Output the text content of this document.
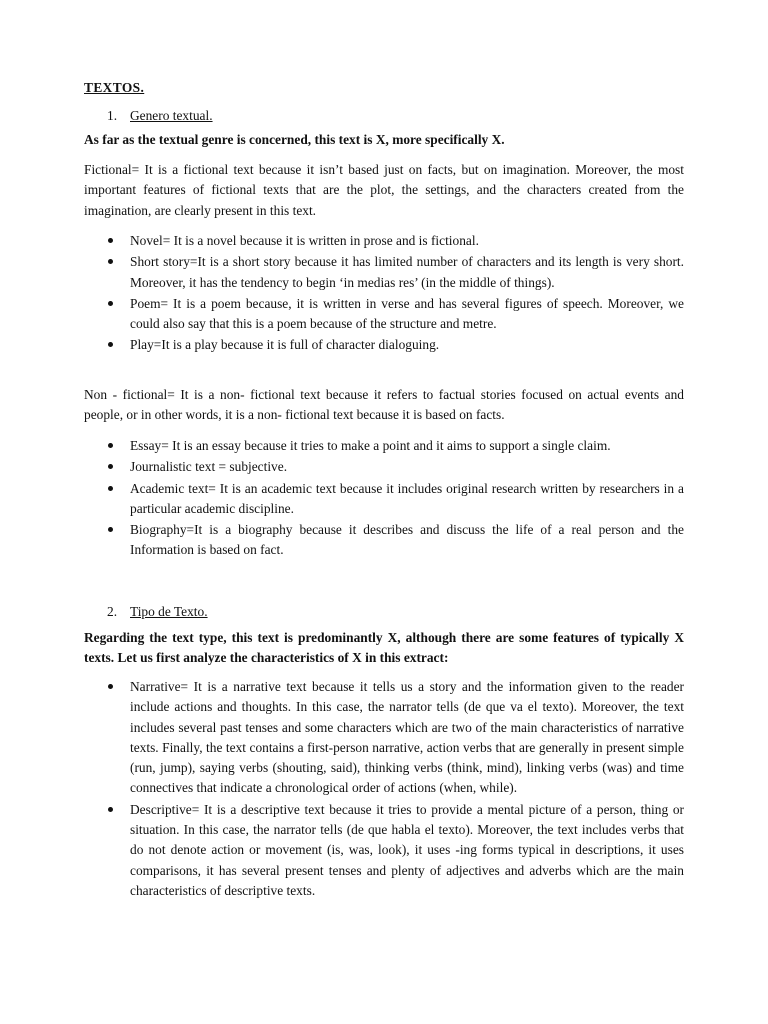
TEXTOS.

1. Genero textual.

As far as the textual genre is concerned, this text is X, more specifically X.

Fictional= It is a fictional text because it isn’t based just on facts, but on imagination. Moreover, the most important features of fictional texts that are the plot, the settings, and the characters created from the imagination, are clearly present in this text.

Novel= It is a novel because it is written in prose and is fictional.
Short story=It is a short story because it has limited number of characters and its length is very short. Moreover, it has the tendency to begin ‘in medias res’ (in the middle of things).
Poem= It is a poem because, it is written in verse and has several figures of speech. Moreover, we could also say that this is a poem because of the structure and metre.
Play=It is a play because it is full of character dialoguing.

Non - fictional= It is a non- fictional text because it refers to factual stories focused on actual events and people, or in other words, it is a non- fictional text because it is based on facts.

Essay= It is an essay because it tries to make a point and it aims to support a single claim.
Journalistic text = subjective.
Academic text= It is an academic text because it includes original research written by researchers in a particular academic discipline.
Biography=It is a biography because it describes and discuss the life of a real person and the Information is based on fact.

2. Tipo de Texto.

Regarding the text type, this text is predominantly X, although there are some features of typically X texts. Let us first analyze the characteristics of X in this extract:

Narrative= It is a narrative text because it tells us a story and the information given to the reader include actions and thoughts. In this case, the narrator tells (de que va el texto). Moreover, the text includes several past tenses and some characters which are two of the main characteristics of narrative texts. Finally, the text contains a first-person narrative, action verbs that are generally in present simple (run, jump), saying verbs (shouting, said), thinking verbs (think, mind), linking verbs (was) and time connectives that indicate a chronological order of actions (when, while).
Descriptive= It is a descriptive text because it tries to provide a mental picture of a person, thing or situation. In this case, the narrator tells (de que habla el texto). Moreover, the text includes verbs that do not denote action or movement (is, was, look), it uses -ing forms typical in descriptions, it uses comparisons, it has several present tenses and plenty of adjectives and adverbs which are the main characteristics of descriptive texts.
